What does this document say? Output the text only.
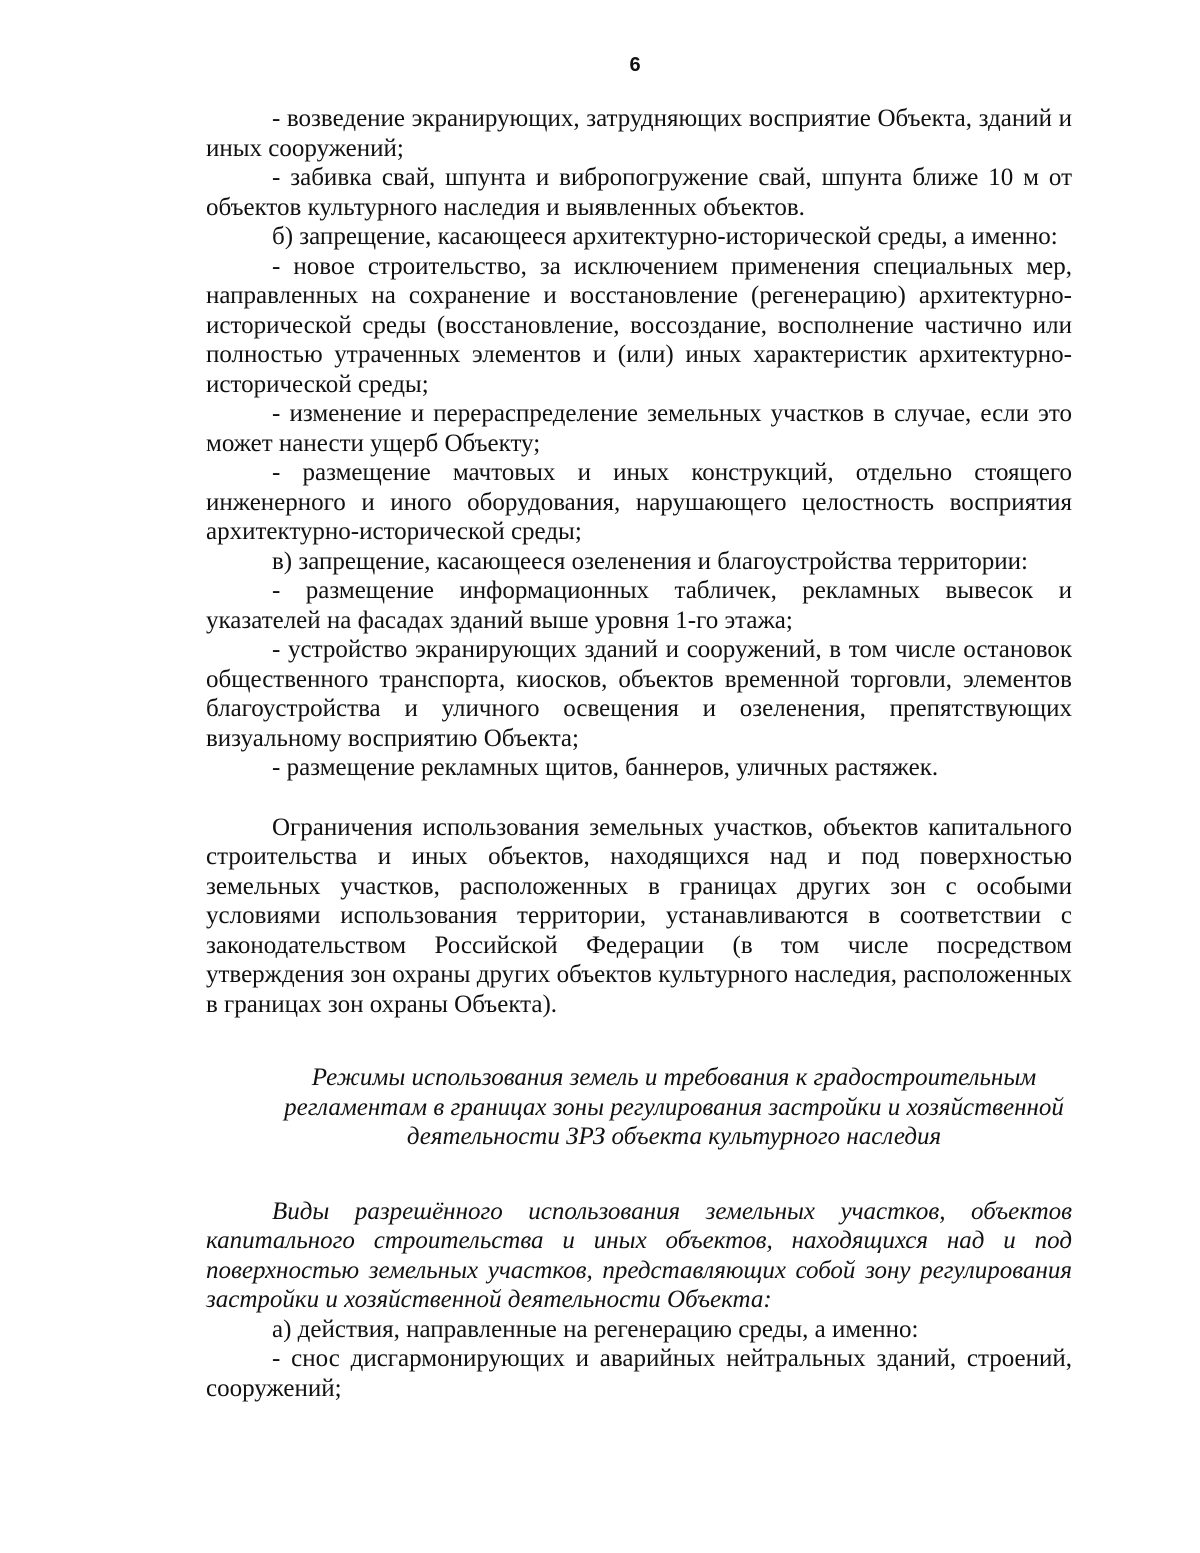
6

- возведение экранирующих, затрудняющих восприятие Объекта, зданий и иных сооружений;

- забивка свай, шпунта и вибропогружение свай, шпунта ближе 10 м от объектов культурного наследия и выявленных объектов.

б) запрещение, касающееся архитектурно-исторической среды, а именно:

- новое строительство, за исключением применения специальных мер, направленных на сохранение и восстановление (регенерацию) архитектурно-исторической среды (восстановление, воссоздание, восполнение частично или полностью утраченных элементов и (или) иных характеристик архитектурно-исторической среды;

- изменение и перераспределение земельных участков в случае, если это может нанести ущерб Объекту;

- размещение мачтовых и иных конструкций, отдельно стоящего инженерного и иного оборудования, нарушающего целостность восприятия архитектурно-исторической среды;

в) запрещение, касающееся озеленения и благоустройства территории:

- размещение информационных табличек, рекламных вывесок и указателей на фасадах зданий выше уровня 1-го этажа;

- устройство экранирующих зданий и сооружений, в том числе остановок общественного транспорта, киосков, объектов временной торговли, элементов благоустройства и уличного освещения и озеленения, препятствующих визуальному восприятию Объекта;

- размещение рекламных щитов, баннеров, уличных растяжек.

Ограничения использования земельных участков, объектов капитального строительства и иных объектов, находящихся над и под поверхностью земельных участков, расположенных в границах других зон с особыми условиями использования территории, устанавливаются в соответствии с законодательством Российской Федерации (в том числе посредством утверждения зон охраны других объектов культурного наследия, расположенных в границах зон охраны Объекта).

Режимы использования земель и требования к градостроительным регламентам в границах зоны регулирования застройки и хозяйственной деятельности ЗРЗ объекта культурного наследия

Виды разрешённого использования земельных участков, объектов капитального строительства и иных объектов, находящихся над и под поверхностью земельных участков, представляющих собой зону регулирования застройки и хозяйственной деятельности Объекта:

а) действия, направленные на регенерацию среды, а именно:

- снос дисгармонирующих и аварийных нейтральных зданий, строений, сооружений;
